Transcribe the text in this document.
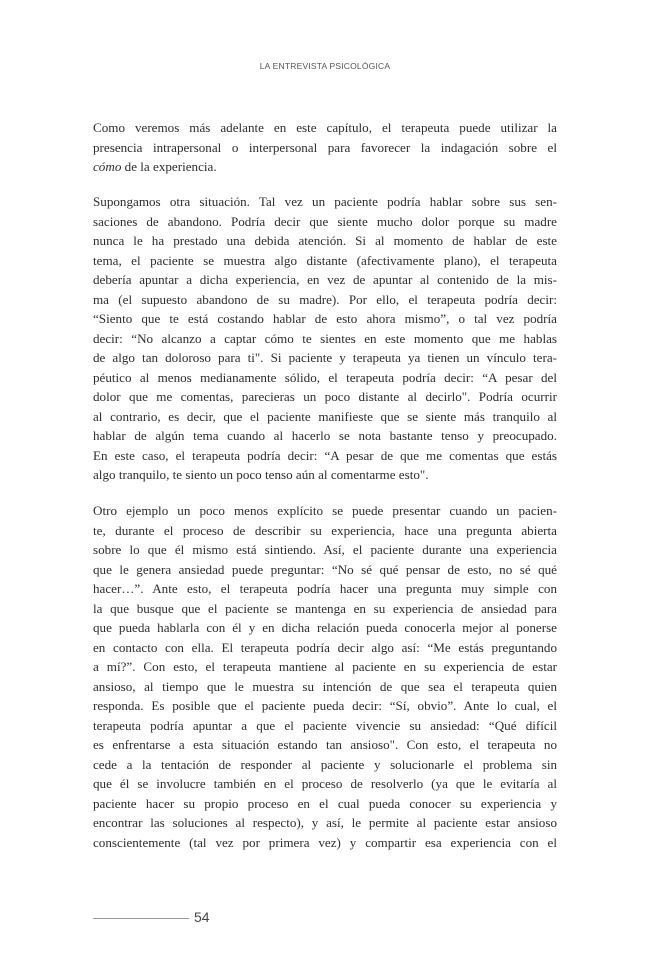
LA ENTREVISTA PSICOLÓGICA
Como veremos más adelante en este capítulo, el terapeuta puede utilizar la
presencia intrapersonal o interpersonal para favorecer la indagación sobre el
cómo de la experiencia.
Supongamos otra situación. Tal vez un paciente podría hablar sobre sus sen-
saciones de abandono. Podría decir que siente mucho dolor porque su madre
nunca le ha prestado una debida atención. Si al momento de hablar de este
tema, el paciente se muestra algo distante (afectivamente plano), el terapeuta
debería apuntar a dicha experiencia, en vez de apuntar al contenido de la mis-
ma (el supuesto abandono de su madre). Por ello, el terapeuta podría decir:
“Siento que te está costando hablar de esto ahora mismo”, o tal vez podría
decir: “No alcanzo a captar cómo te sientes en este momento que me hablas
de algo tan doloroso para ti". Si paciente y terapeuta ya tienen un vínculo tera-
péutico al menos medianamente sólido, el terapeuta podría decir: “A pesar del
dolor que me comentas, parecieras un poco distante al decirlo". Podría ocurrir
al contrario, es decir, que el paciente manifieste que se siente más tranquilo al
hablar de algún tema cuando al hacerlo se nota bastante tenso y preocupado.
En este caso, el terapeuta podría decir: “A pesar de que me comentas que estás
algo tranquilo, te siento un poco tenso aún al comentarme esto".
Otro ejemplo un poco menos explícito se puede presentar cuando un pacien-
te, durante el proceso de describir su experiencia, hace una pregunta abierta
sobre lo que él mismo está sintiendo. Así, el paciente durante una experiencia
que le genera ansiedad puede preguntar: “No sé qué pensar de esto, no sé qué
hacer…”. Ante esto, el terapeuta podría hacer una pregunta muy simple con
la que busque que el paciente se mantenga en su experiencia de ansiedad para
que pueda hablarla con él y en dicha relación pueda conocerla mejor al ponerse
en contacto con ella. El terapeuta podría decir algo así: “Me estás preguntando
a mí?”. Con esto, el terapeuta mantiene al paciente en su experiencia de estar
ansioso, al tiempo que le muestra su intención de que sea el terapeuta quien
responda. Es posible que el paciente pueda decir: “Sí, obvio”. Ante lo cual, el
terapeuta podría apuntar a que el paciente vivencie su ansiedad: “Qué difícil
es enfrentarse a esta situación estando tan ansioso". Con esto, el terapeuta no
cede a la tentación de responder al paciente y solucionarle el problema sin
que él se involucre también en el proceso de resolverlo (ya que le evitaría al
paciente hacer su propio proceso en el cual pueda conocer su experiencia y
encontrar las soluciones al respecto), y así, le permite al paciente estar ansioso
conscientemente (tal vez por primera vez) y compartir esa experiencia con el
54
